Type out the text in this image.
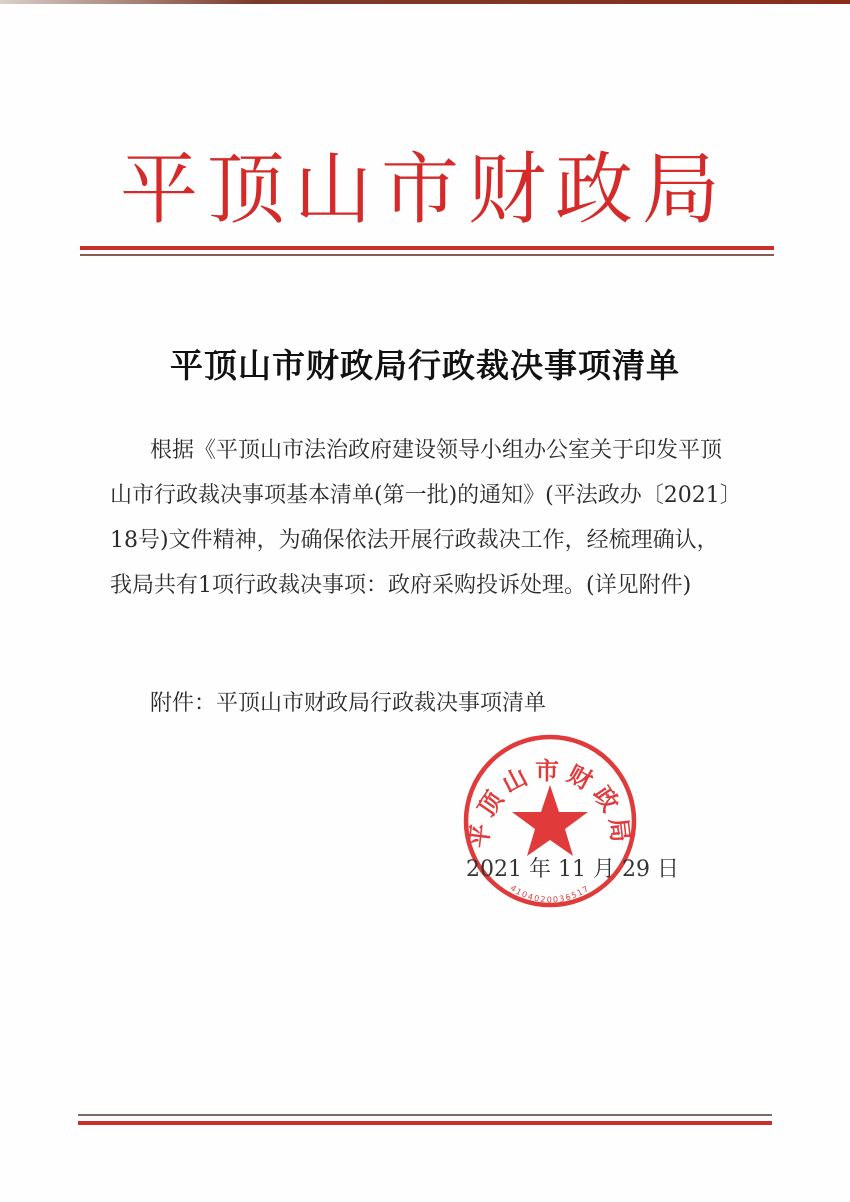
平 顶 山 市 财 政 局
平顶山市财政局行政裁决事项清单
根据《平顶山市法治政府建设领导小组办公室关于印发平顶
山市行政裁决事项基本清单(第一批)的通知》(平法政办〔2021〕
18号)文件精神，为确保依法开展行政裁决工作，经梳理确认，
我局共有1项行政裁决事项：政府采购投诉处理。(详见附件)
附件：平顶山市财政局行政裁决事项清单
平顶山市财政局
4104020036517
2021 年 11 月 29 日
